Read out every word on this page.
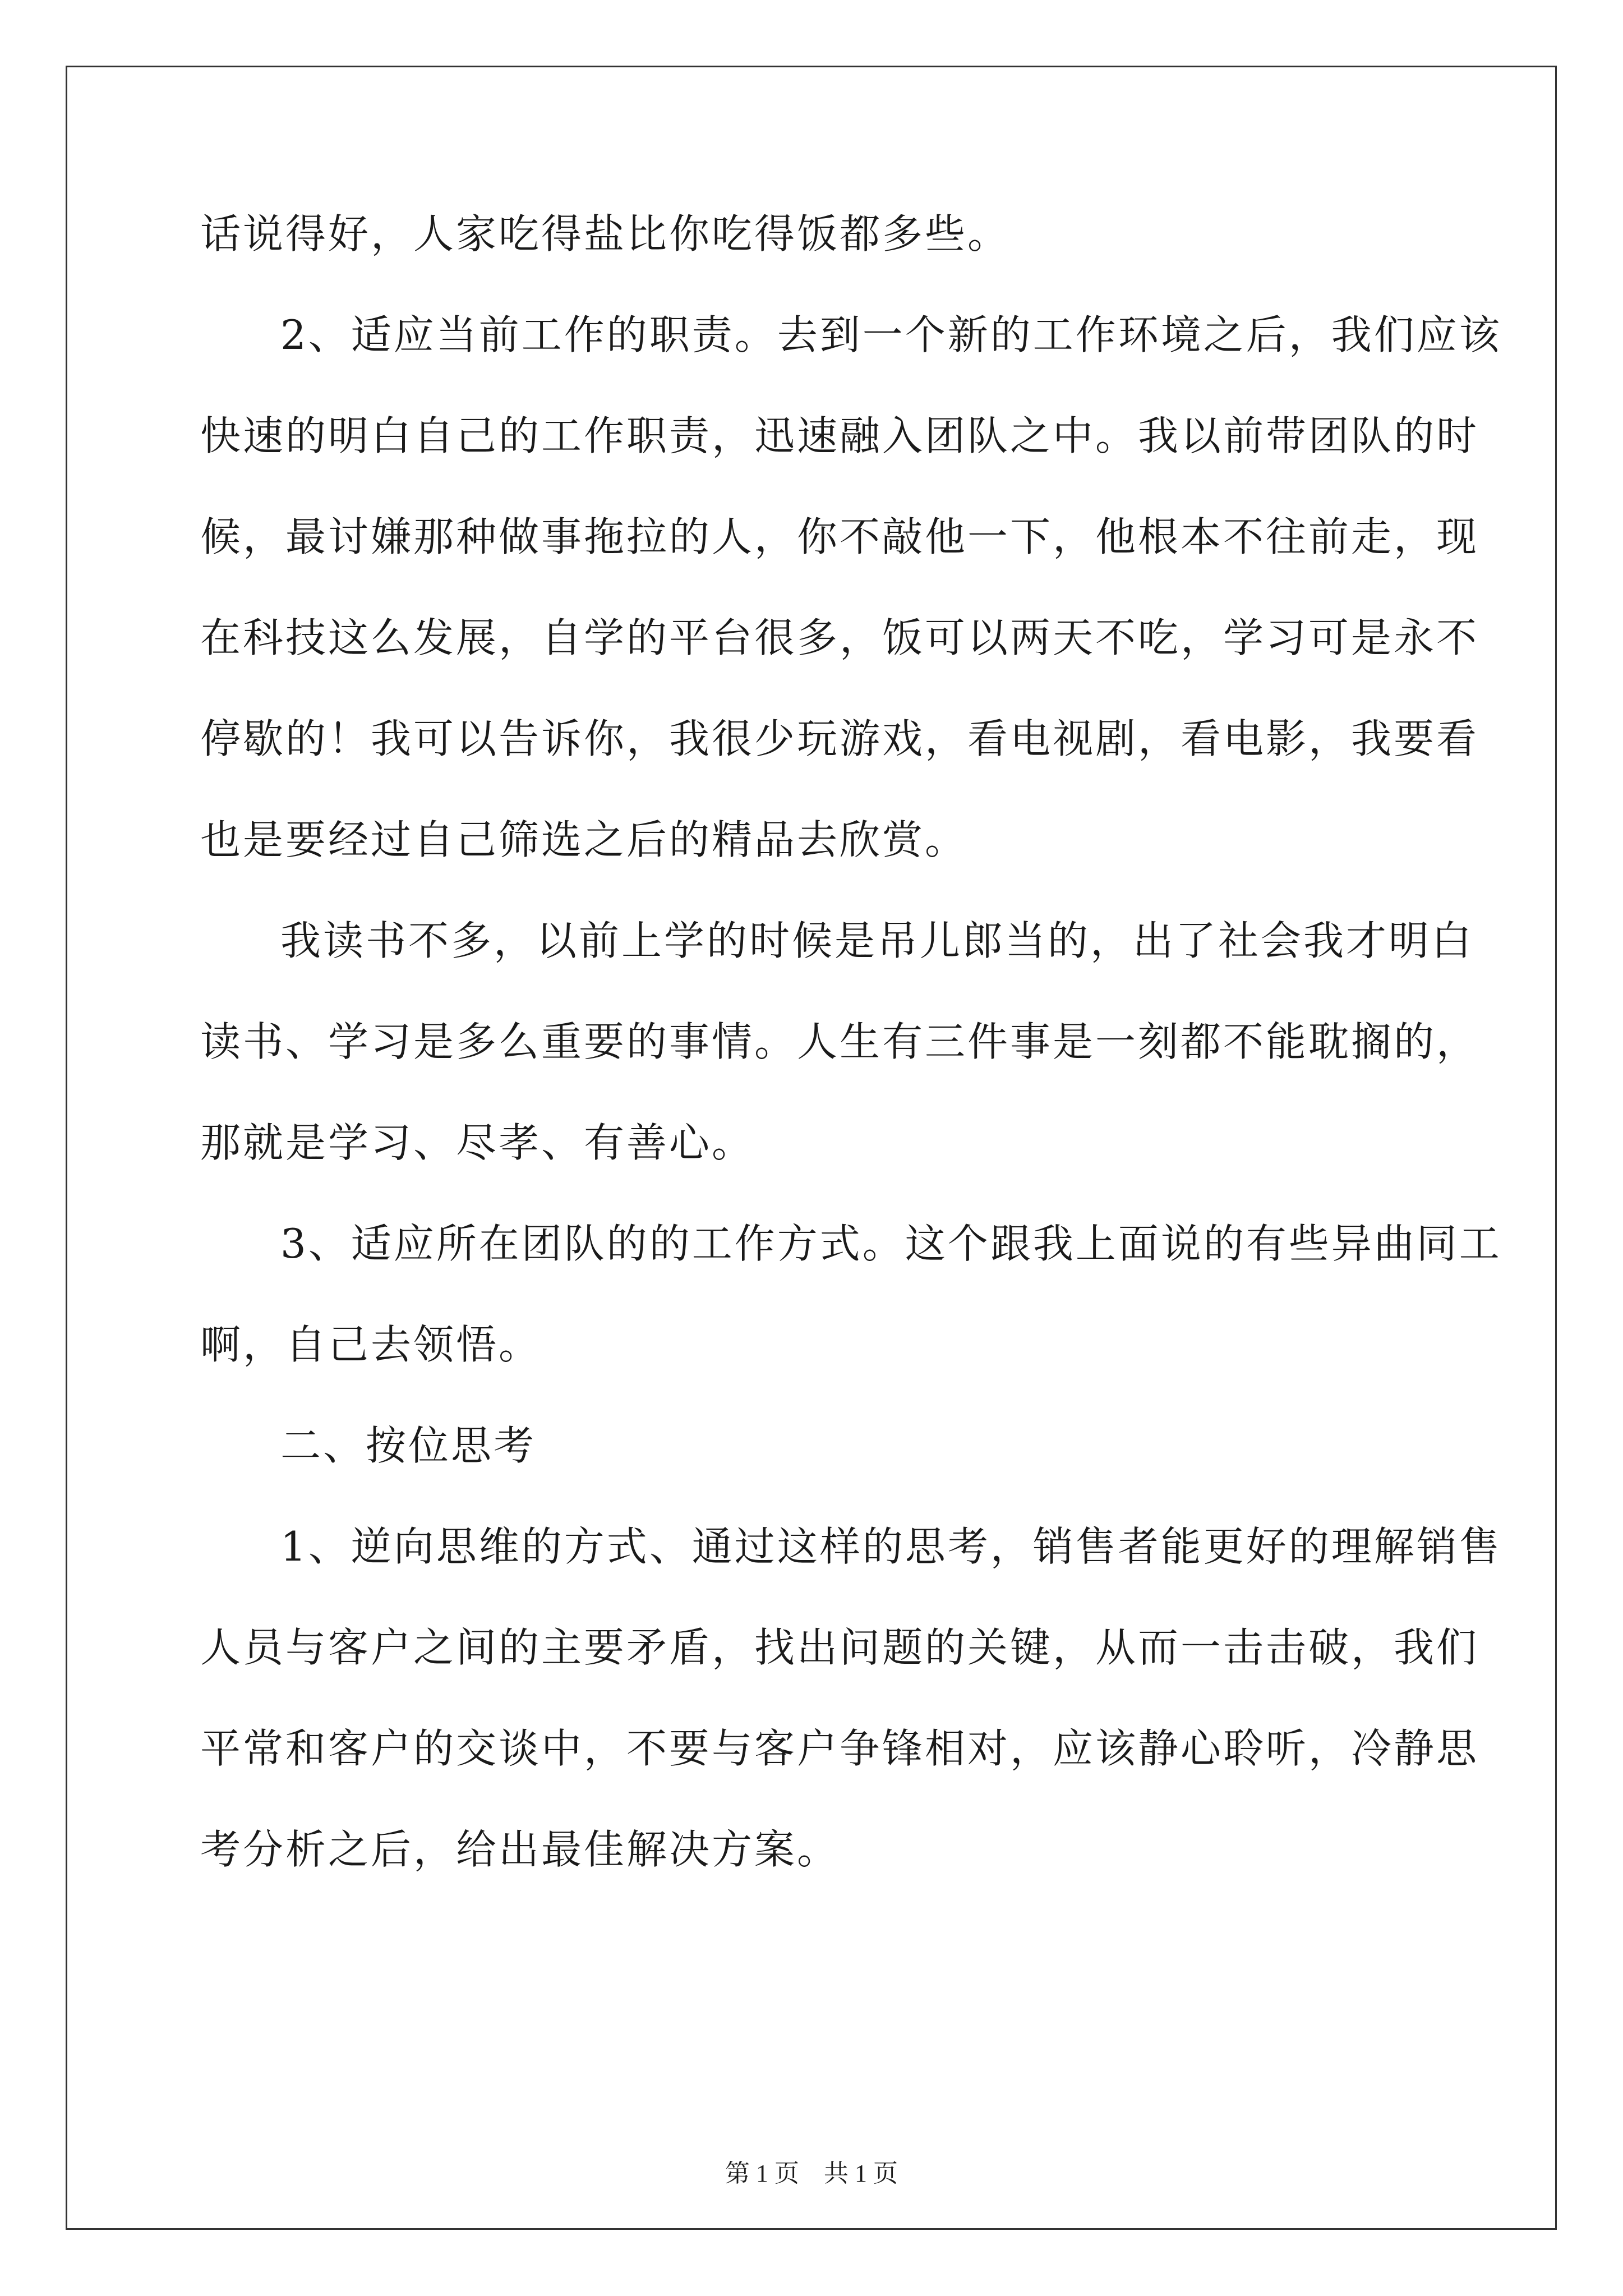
话说得好，人家吃得盐比你吃得饭都多些。
2、适应当前工作的职责。去到一个新的工作环境之后，我们应该
快速的明白自己的工作职责，迅速融入团队之中。我以前带团队的时
候，最讨嫌那种做事拖拉的人，你不敲他一下，他根本不往前走，现
在科技这么发展，自学的平台很多，饭可以两天不吃，学习可是永不
停歇的！我可以告诉你，我很少玩游戏，看电视剧，看电影，我要看
也是要经过自己筛选之后的精品去欣赏。
我读书不多，以前上学的时候是吊儿郎当的，出了社会我才明白
读书、学习是多么重要的事情。人生有三件事是一刻都不能耽搁的，
那就是学习、尽孝、有善心。
3、适应所在团队的的工作方式。这个跟我上面说的有些异曲同工
啊，自己去领悟。
二、按位思考
1、逆向思维的方式、通过这样的思考，销售者能更好的理解销售
人员与客户之间的主要矛盾，找出问题的关键，从而一击击破，我们
平常和客户的交谈中，不要与客户争锋相对，应该静心聆听，冷静思
考分析之后，给出最佳解决方案。
第 1 页　共 1 页
